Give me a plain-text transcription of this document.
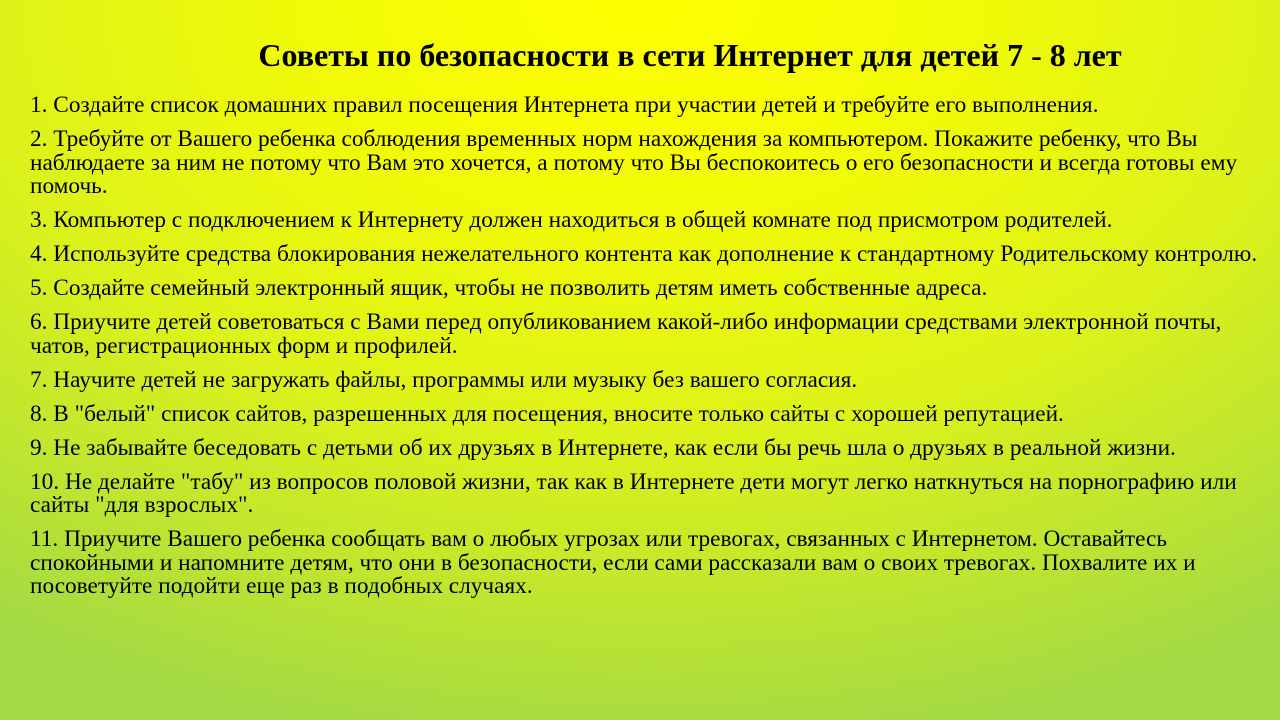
Советы по безопасности в сети Интернет для детей 7 - 8 лет
1. Создайте список домашних правил посещения Интернета при участии детей и требуйте его выполнения.
2. Требуйте от Вашего ребенка соблюдения временных норм нахождения за компьютером. Покажите ребенку, что Вы наблюдаете за ним не потому что Вам это хочется, а потому что Вы беспокоитесь о его безопасности и всегда готовы ему помочь.
3. Компьютер с подключением к Интернету должен находиться в общей комнате под присмотром родителей.
4. Используйте средства блокирования нежелательного контента как дополнение к стандартному Родительскому контролю.
5. Создайте семейный электронный ящик, чтобы не позволить детям иметь собственные адреса.
6. Приучите детей советоваться с Вами перед опубликованием какой-либо информации средствами электронной почты, чатов, регистрационных форм и профилей.
7. Научите детей не загружать файлы, программы или музыку без вашего согласия.
8. В "белый" список сайтов, разрешенных для посещения, вносите только сайты с хорошей репутацией.
9. Не забывайте беседовать с детьми об их друзьях в Интернете, как если бы речь шла о друзьях в реальной жизни.
10. Не делайте "табу" из вопросов половой жизни, так как в Интернете дети могут легко наткнуться на порнографию или сайты "для взрослых".
11. Приучите Вашего ребенка сообщать вам о любых угрозах или тревогах, связанных с Интернетом. Оставайтесь спокойными и напомните детям, что они в безопасности, если сами рассказали вам о своих тревогах. Похвалите их и посоветуйте подойти еще раз в подобных случаях.
